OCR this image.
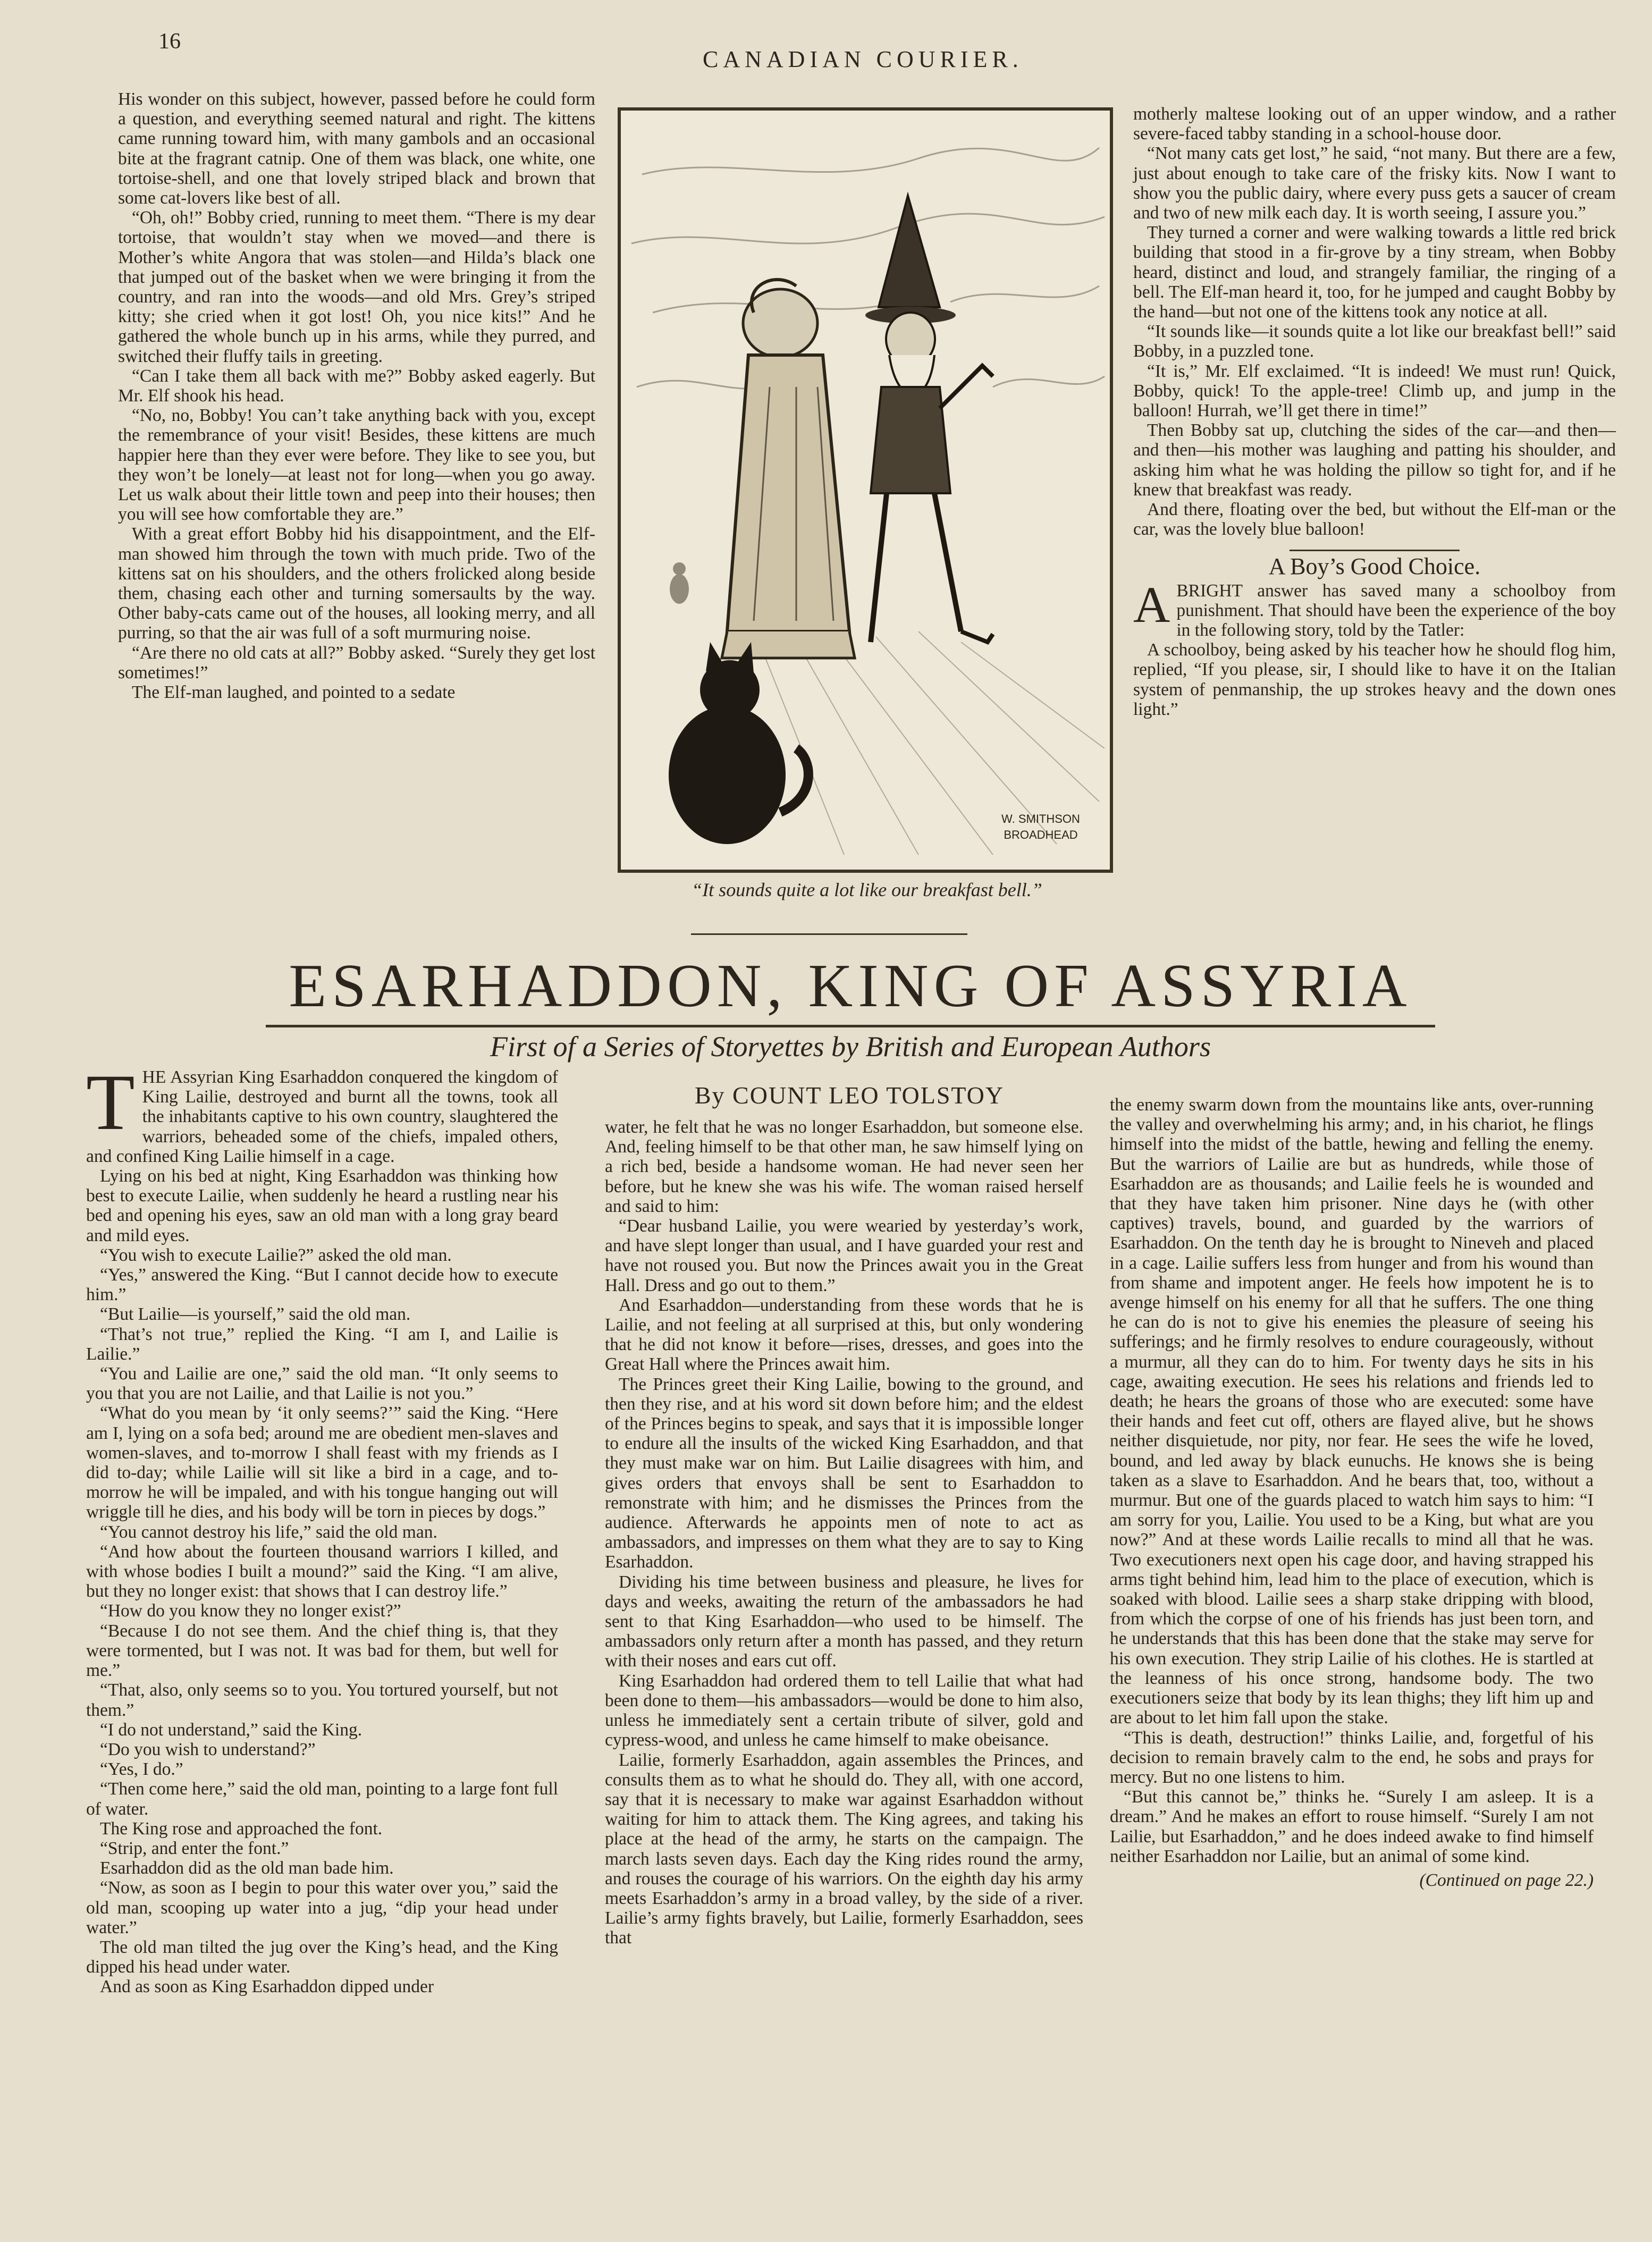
16
CANADIAN COURIER.

His wonder on this subject, however, passed before he could form a question, and everything seemed natural and right. The kittens came running toward him, with many gambols and an occasional bite at the fragrant catnip. One of them was black, one white, one tortoise-shell, and one that lovely striped black and brown that some cat-lovers like best of all.

“Oh, oh!” Bobby cried, running to meet them. “There is my dear tortoise, that wouldn’t stay when we moved—and there is Mother’s white Angora that was stolen—and Hilda’s black one that jumped out of the basket when we were bringing it from the country, and ran into the woods—and old Mrs. Grey’s striped kitty; she cried when it got lost! Oh, you nice kits!” And he gathered the whole bunch up in his arms, while they purred, and switched their fluffy tails in greeting.

“Can I take them all back with me?” Bobby asked eagerly. But Mr. Elf shook his head.

“No, no, Bobby! You can’t take anything back with you, except the remembrance of your visit! Besides, these kittens are much happier here than they ever were before. They like to see you, but they won’t be lonely—at least not for long—when you go away. Let us walk about their little town and peep into their houses; then you will see how comfortable they are.”

With a great effort Bobby hid his disappointment, and the Elf-man showed him through the town with much pride. Two of the kittens sat on his shoulders, and the others frolicked along beside them, chasing each other and turning somersaults by the way. Other baby-cats came out of the houses, all looking merry, and all purring, so that the air was full of a soft murmuring noise.

“Are there no old cats at all?” Bobby asked. “Surely they get lost sometimes!”

The Elf-man laughed, and pointed to a sedate

W. SMITHSON
BROADHEAD
“It sounds quite a lot like our breakfast bell.”

motherly maltese looking out of an upper window, and a rather severe-faced tabby standing in a school-house door.

“Not many cats get lost,” he said, “not many. But there are a few, just about enough to take care of the frisky kits. Now I want to show you the public dairy, where every puss gets a saucer of cream and two of new milk each day. It is worth seeing, I assure you.”

They turned a corner and were walking towards a little red brick building that stood in a fir-grove by a tiny stream, when Bobby heard, distinct and loud, and strangely familiar, the ringing of a bell. The Elf-man heard it, too, for he jumped and caught Bobby by the hand—but not one of the kittens took any notice at all.

“It sounds like—it sounds quite a lot like our breakfast bell!” said Bobby, in a puzzled tone.

“It is,” Mr. Elf exclaimed. “It is indeed! We must run! Quick, Bobby, quick! To the apple-tree! Climb up, and jump in the balloon! Hurrah, we’ll get there in time!”

Then Bobby sat up, clutching the sides of the car—and then—and then—his mother was laughing and patting his shoulder, and asking him what he was holding the pillow so tight for, and if he knew that breakfast was ready.

And there, floating over the bed, but without the Elf-man or the car, was the lovely blue balloon!

A Boy’s Good Choice.

ABRIGHT answer has saved many a schoolboy from punishment. That should have been the experience of the boy in the following story, told by the Tatler:

A schoolboy, being asked by his teacher how he should flog him, replied, “If you please, sir, I should like to have it on the Italian system of penmanship, the up strokes heavy and the down ones light.”

ESARHADDON, KING OF ASSYRIA
First of a Series of Storyettes by British and European Authors
By COUNT LEO TOLSTOY

THE Assyrian King Esarhaddon conquered the kingdom of King Lailie, destroyed and burnt all the towns, took all the inhabitants captive to his own country, slaughtered the warriors, beheaded some of the chiefs, impaled others, and confined King Lailie himself in a cage.

Lying on his bed at night, King Esarhaddon was thinking how best to execute Lailie, when suddenly he heard a rustling near his bed and opening his eyes, saw an old man with a long gray beard and mild eyes.

“You wish to execute Lailie?” asked the old man.

“Yes,” answered the King. “But I cannot decide how to execute him.”

“But Lailie—is yourself,” said the old man.

“That’s not true,” replied the King. “I am I, and Lailie is Lailie.”

“You and Lailie are one,” said the old man. “It only seems to you that you are not Lailie, and that Lailie is not you.”

“What do you mean by ‘it only seems?’” said the King. “Here am I, lying on a sofa bed; around me are obedient men-slaves and women-slaves, and to-morrow I shall feast with my friends as I did to-day; while Lailie will sit like a bird in a cage, and to-morrow he will be impaled, and with his tongue hanging out will wriggle till he dies, and his body will be torn in pieces by dogs.”

“You cannot destroy his life,” said the old man.

“And how about the fourteen thousand warriors I killed, and with whose bodies I built a mound?” said the King. “I am alive, but they no longer exist: that shows that I can destroy life.”

“How do you know they no longer exist?”

“Because I do not see them. And the chief thing is, that they were tormented, but I was not. It was bad for them, but well for me.”

“That, also, only seems so to you. You tortured yourself, but not them.”

“I do not understand,” said the King.

“Do you wish to understand?”

“Yes, I do.”

“Then come here,” said the old man, pointing to a large font full of water.

The King rose and approached the font.

“Strip, and enter the font.”

Esarhaddon did as the old man bade him.

“Now, as soon as I begin to pour this water over you,” said the old man, scooping up water into a jug, “dip your head under water.”

The old man tilted the jug over the King’s head, and the King dipped his head under water.

And as soon as King Esarhaddon dipped under

water, he felt that he was no longer Esarhaddon, but someone else. And, feeling himself to be that other man, he saw himself lying on a rich bed, beside a handsome woman. He had never seen her before, but he knew she was his wife. The woman raised herself and said to him:

“Dear husband Lailie, you were wearied by yesterday’s work, and have slept longer than usual, and I have guarded your rest and have not roused you. But now the Princes await you in the Great Hall. Dress and go out to them.”

And Esarhaddon—understanding from these words that he is Lailie, and not feeling at all surprised at this, but only wondering that he did not know it before—rises, dresses, and goes into the Great Hall where the Princes await him.

The Princes greet their King Lailie, bowing to the ground, and then they rise, and at his word sit down before him; and the eldest of the Princes begins to speak, and says that it is impossible longer to endure all the insults of the wicked King Esarhaddon, and that they must make war on him. But Lailie disagrees with him, and gives orders that envoys shall be sent to Esarhaddon to remonstrate with him; and he dismisses the Princes from the audience. Afterwards he appoints men of note to act as ambassadors, and impresses on them what they are to say to King Esarhaddon.

Dividing his time between business and pleasure, he lives for days and weeks, awaiting the return of the ambassadors he had sent to that King Esarhaddon—who used to be himself. The ambassadors only return after a month has passed, and they return with their noses and ears cut off.

King Esarhaddon had ordered them to tell Lailie that what had been done to them—his ambassadors—would be done to him also, unless he immediately sent a certain tribute of silver, gold and cypress-wood, and unless he came himself to make obeisance.

Lailie, formerly Esarhaddon, again assembles the Princes, and consults them as to what he should do. They all, with one accord, say that it is necessary to make war against Esarhaddon without waiting for him to attack them. The King agrees, and taking his place at the head of the army, he starts on the campaign. The march lasts seven days. Each day the King rides round the army, and rouses the courage of his warriors. On the eighth day his army meets Esarhaddon’s army in a broad valley, by the side of a river. Lailie’s army fights bravely, but Lailie, formerly Esarhaddon, sees that

the enemy swarm down from the mountains like ants, over-running the valley and overwhelming his army; and, in his chariot, he flings himself into the midst of the battle, hewing and felling the enemy. But the warriors of Lailie are but as hundreds, while those of Esarhaddon are as thousands; and Lailie feels he is wounded and that they have taken him prisoner. Nine days he (with other captives) travels, bound, and guarded by the warriors of Esarhaddon. On the tenth day he is brought to Nineveh and placed in a cage. Lailie suffers less from hunger and from his wound than from shame and impotent anger. He feels how impotent he is to avenge himself on his enemy for all that he suffers. The one thing he can do is not to give his enemies the pleasure of seeing his sufferings; and he firmly resolves to endure courageously, without a murmur, all they can do to him. For twenty days he sits in his cage, awaiting execution. He sees his relations and friends led to death; he hears the groans of those who are executed: some have their hands and feet cut off, others are flayed alive, but he shows neither disquietude, nor pity, nor fear. He sees the wife he loved, bound, and led away by black eunuchs. He knows she is being taken as a slave to Esarhaddon. And he bears that, too, without a murmur. But one of the guards placed to watch him says to him: “I am sorry for you, Lailie. You used to be a King, but what are you now?” And at these words Lailie recalls to mind all that he was. Two executioners next open his cage door, and having strapped his arms tight behind him, lead him to the place of execution, which is soaked with blood. Lailie sees a sharp stake dripping with blood, from which the corpse of one of his friends has just been torn, and he understands that this has been done that the stake may serve for his own execution. They strip Lailie of his clothes. He is startled at the leanness of his once strong, handsome body. The two executioners seize that body by its lean thighs; they lift him up and are about to let him fall upon the stake.

“This is death, destruction!” thinks Lailie, and, forgetful of his decision to remain bravely calm to the end, he sobs and prays for mercy. But no one listens to him.

“But this cannot be,” thinks he. “Surely I am asleep. It is a dream.” And he makes an effort to rouse himself. “Surely I am not Lailie, but Esarhaddon,” and he does indeed awake to find himself neither Esarhaddon nor Lailie, but an animal of some kind.

(Continued on page 22.)
